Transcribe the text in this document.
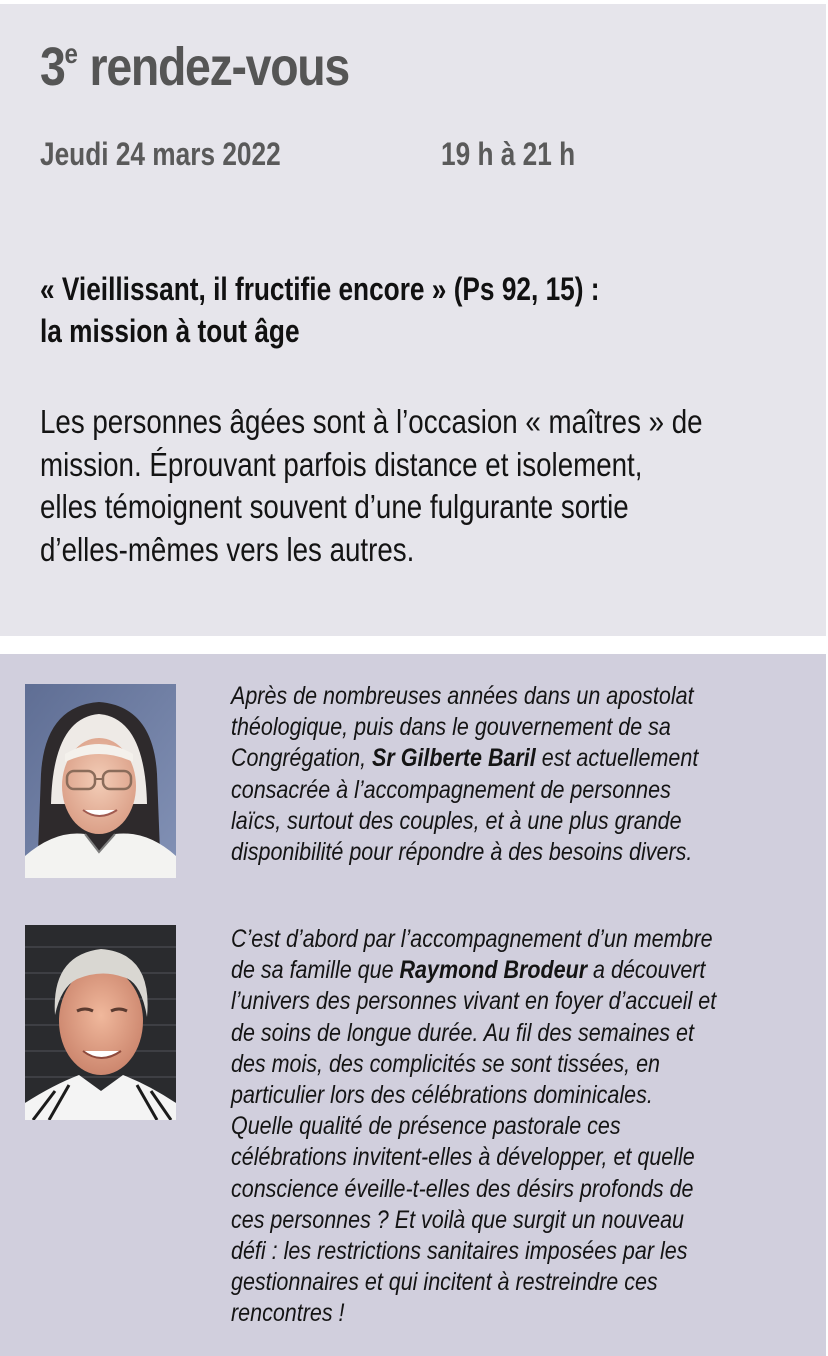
3e rendez-vous
Jeudi 24 mars 2022	19 h à 21 h
« Vieillissant, il fructifie encore » (Ps 92, 15) :
la mission à tout âge

Les personnes âgées sont à l’occasion « maîtres » de
mission. Éprouvant parfois distance et isolement,
elles témoignent souvent d’une fulgurante sortie
d’elles-mêmes vers les autres.

Après de nombreuses années dans un apostolat
théologique, puis dans le gouvernement de sa
Congrégation, Sr Gilberte Baril est actuellement
consacrée à l’accompagnement de personnes
laïcs, surtout des couples, et à une plus grande
disponibilité pour répondre à des besoins divers.

C’est d’abord par l’accompagnement d’un membre
de sa famille que Raymond Brodeur a découvert
l’univers des personnes vivant en foyer d’accueil et
de soins de longue durée. Au fil des semaines et
des mois, des complicités se sont tissées, en
particulier lors des célébrations dominicales.
Quelle qualité de présence pastorale ces
célébrations invitent-elles à développer, et quelle
conscience éveille-t-elles des désirs profonds de
ces personnes ? Et voilà que surgit un nouveau
défi : les restrictions sanitaires imposées par les
gestionnaires et qui incitent à restreindre ces
rencontres !
